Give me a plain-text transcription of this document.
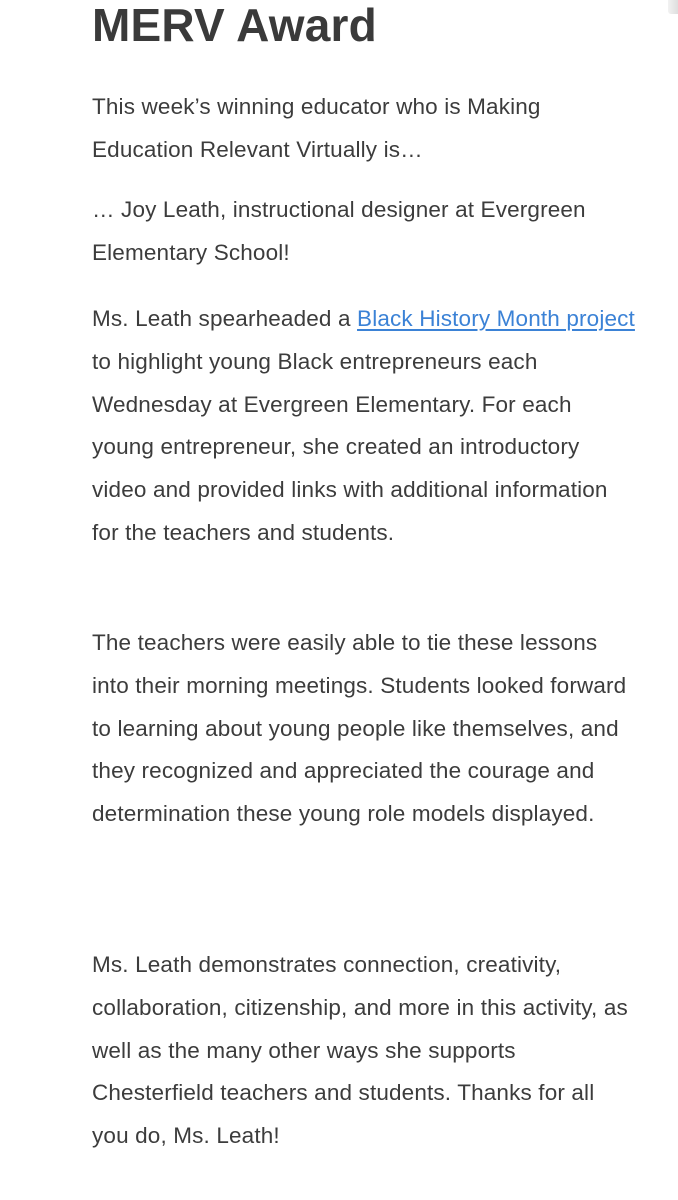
MERV Award

This week’s winning educator who is Making Education Relevant Virtually is…

… Joy Leath, instructional designer at Evergreen Elementary School!

Ms. Leath spearheaded a Black History Month project to highlight young Black entrepreneurs each Wednesday at Evergreen Elementary. For each young entrepreneur, she created an introductory video and provided links with additional information for the teachers and students.

The teachers were easily able to tie these lessons into their morning meetings. Students looked forward to learning about young people like themselves, and they recognized and appreciated the courage and determination these young role models displayed.

Ms. Leath demonstrates connection, creativity, collaboration, citizenship, and more in this activity, as well as the many other ways she supports Chesterfield teachers and students. Thanks for all you do, Ms. Leath!
